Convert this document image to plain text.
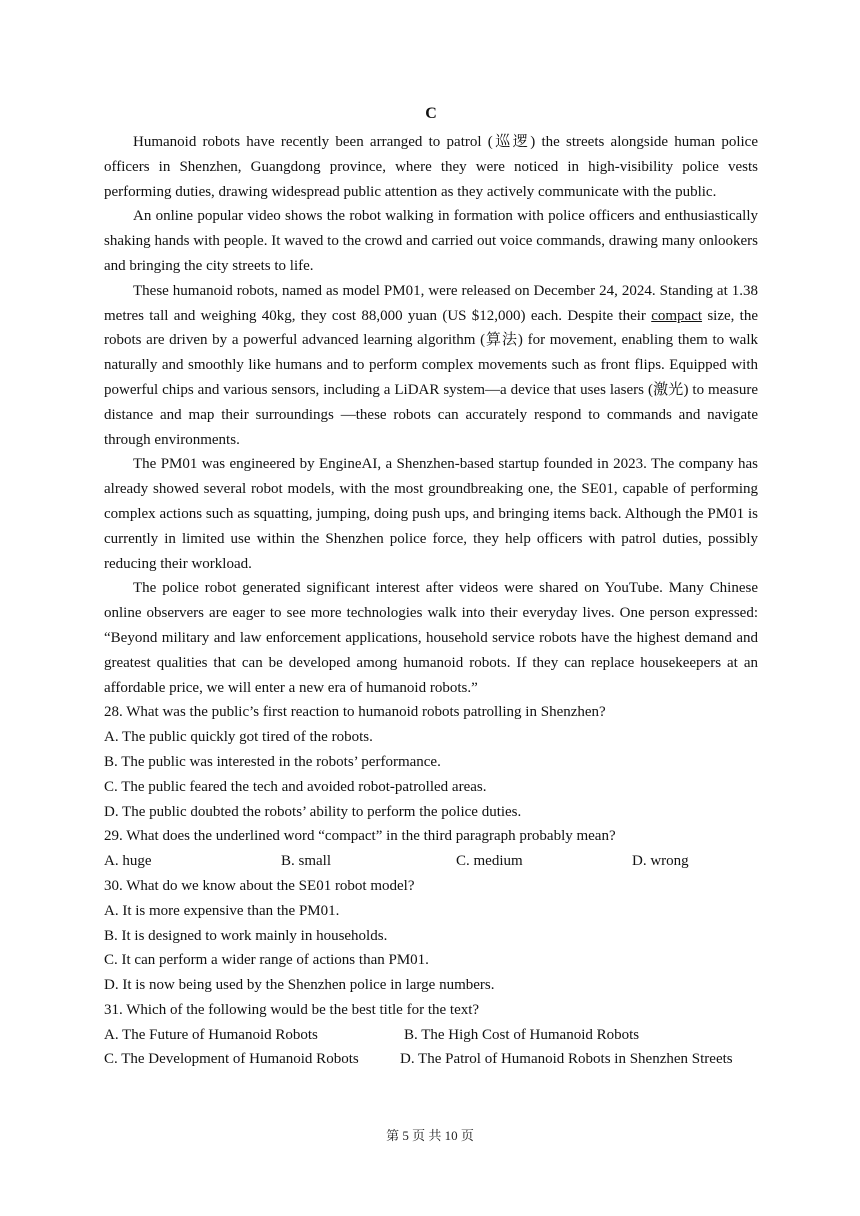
C

Humanoid robots have recently been arranged to patrol (巡逻) the streets alongside human police officers in Shenzhen, Guangdong province, where they were noticed in high-visibility police vests performing duties, drawing widespread public attention as they actively communicate with the public.

An online popular video shows the robot walking in formation with police officers and enthusiastically shaking hands with people. It waved to the crowd and carried out voice commands, drawing many onlookers and bringing the city streets to life.

These humanoid robots, named as model PM01, were released on December 24, 2024. Standing at 1.38 metres tall and weighing 40kg, they cost 88,000 yuan (US $12,000) each. Despite their compact size, the robots are driven by a powerful advanced learning algorithm (算法) for movement, enabling them to walk naturally and smoothly like humans and to perform complex movements such as front flips. Equipped with powerful chips and various sensors, including a LiDAR system—a device that uses lasers (激光) to measure distance and map their surroundings —these robots can accurately respond to commands and navigate through environments.

The PM01 was engineered by EngineAI, a Shenzhen-based startup founded in 2023. The company has already showed several robot models, with the most groundbreaking one, the SE01, capable of performing complex actions such as squatting, jumping, doing push ups, and bringing items back. Although the PM01 is currently in limited use within the Shenzhen police force, they help officers with patrol duties, possibly reducing their workload.

The police robot generated significant interest after videos were shared on YouTube. Many Chinese online observers are eager to see more technologies walk into their everyday lives. One person expressed: “Beyond military and law enforcement applications, household service robots have the highest demand and greatest qualities that can be developed among humanoid robots. If they can replace housekeepers at an affordable price, we will enter a new era of humanoid robots.”

28. What was the public’s first reaction to humanoid robots patrolling in Shenzhen?
A. The public quickly got tired of the robots.
B. The public was interested in the robots’ performance.
C. The public feared the tech and avoided robot-patrolled areas.
D. The public doubted the robots’ ability to perform the police duties.
29. What does the underlined word “compact” in the third paragraph probably mean?
A. huge	B. small	C. medium	D. wrong
30. What do we know about the SE01 robot model?
A. It is more expensive than the PM01.
B. It is designed to work mainly in households.
C. It can perform a wider range of actions than PM01.
D. It is now being used by the Shenzhen police in large numbers.
31. Which of the following would be the best title for the text?
A. The Future of Humanoid Robots	B. The High Cost of Humanoid Robots
C. The Development of Humanoid Robots	D. The Patrol of Humanoid Robots in Shenzhen Streets
第 5 页 共 10 页
